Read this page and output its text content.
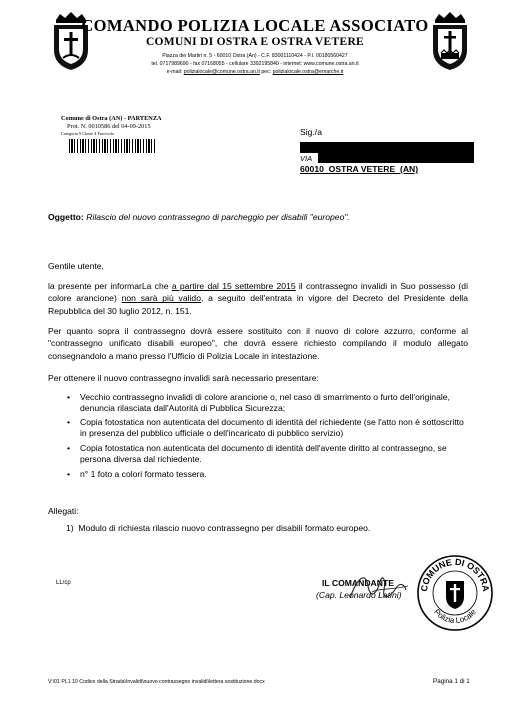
COMANDO POLIZIA LOCALE ASSOCIATO
COMUNI DI OSTRA E OSTRA VETERE
Piazza dei Martiri n. 5 - 60010 Ostra (An) - C.F. 83001110424 - P.I. 00180560427
tel. 0717989690 - fax 07168055 - cellulare 3392195840 - internet: www.comune.ostra.an.it
e-mail: polizialocale@comune.ostra.an.it pec: polizialocale.ostra@emarche.it
Comune di Ostra (AN) - PARTENZA
Prot. N. 0010586 del 04-09-2015
Categoria 9 Classe 4 Fascicolo	Sig./a
VIA
60010  OSTRA VETERE  (AN)
Oggetto: Rilascio del nuovo contrassegno di parcheggio per disabili "europeo".
Gentile utente,
la presente per informarLa che a partire dal 15 settembre 2015 il contrassegno invalidi in Suo possesso (di colore arancione) non sarà più valido, a seguito dell'entrata in vigore del Decreto del Presidente della Repubblica del 30 luglio 2012, n. 151.
Per quanto sopra il contrassegno dovrà essere sostituito con il nuovo di colore azzurro, conforme al "contrassegno unificato disabili europeo", che dovrà essere richiesto compilando il modulo allegato consegnandolo a mano presso l'Ufficio di Polizia Locale in intestazione.
Per ottenere il nuovo contrassegno invalidi sarà necessario presentare:
• Vecchio contrassegno invalidi di colore arancione o, nel caso di smarrimento o furto dell'originale, denuncia rilasciata dall'Autorità di Pubblica Sicurezza;
• Copia fotostatica non autenticata del documento di identità del richiedente (se l'atto non è sottoscritto in presenza del pubblico ufficiale o dell'incaricato di pubblico servizio)
• Copia fotostatica non autenticata del documento di identità dell'avente diritto al contrassegno, se persona diversa dal richiedente.
• n° 1 foto a colori formato tessera.
Allegati:
1)  Modulo di richiesta rilascio nuovo contrassegno per disabili formato europeo.
LL/cp	IL COMANDANTE
(Cap. Leonardo Latini)
COMUNE DI OSTRA
Polizia Locale
V:\01 PL1 10 Codice della Strada\Invalidi\nuovo contrassegno invalidi\lettera sostituzione.docx	Pagina 1 di 1
